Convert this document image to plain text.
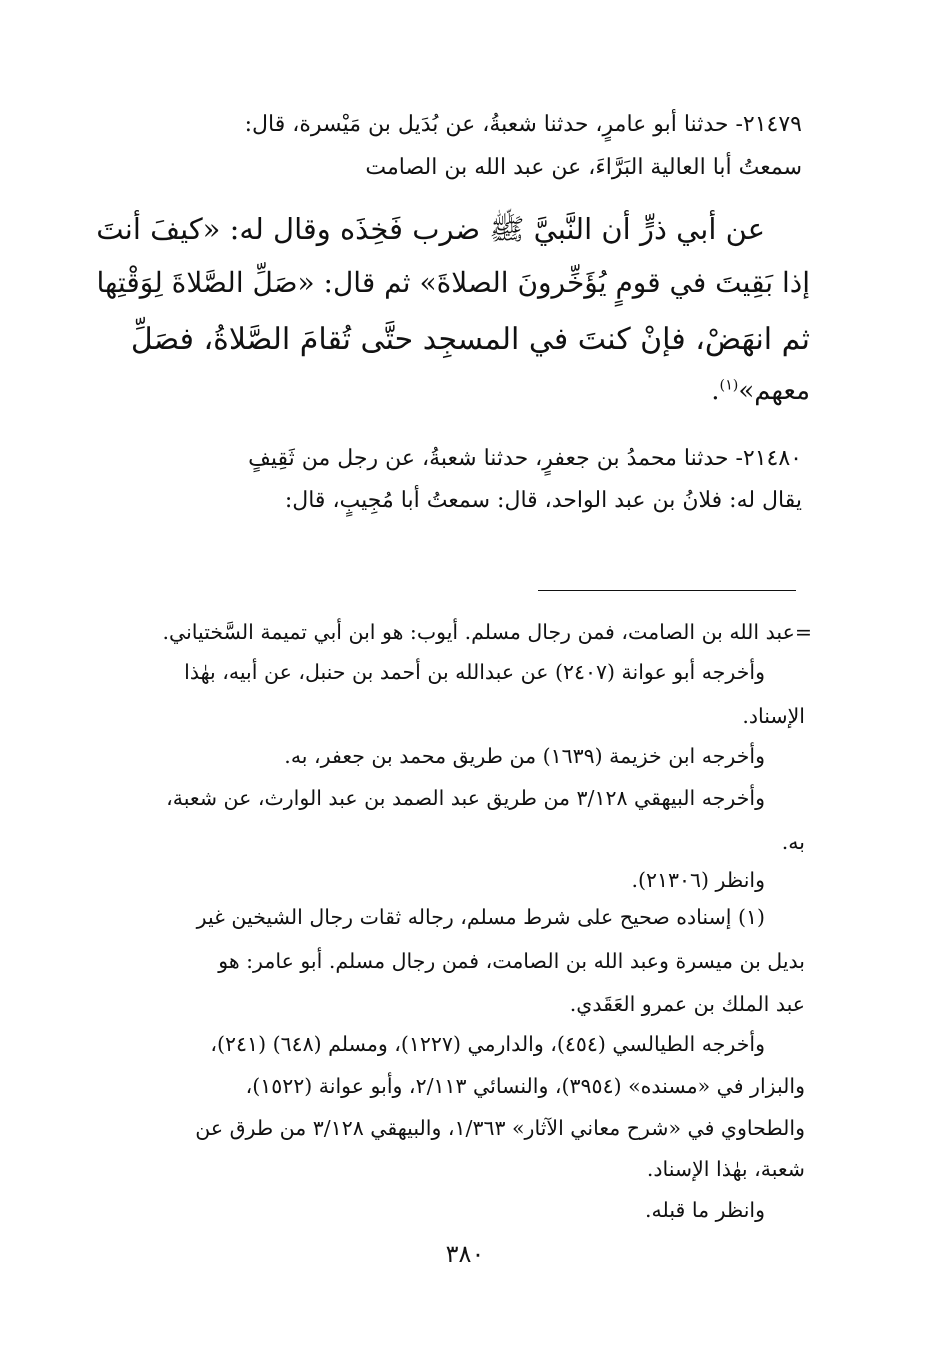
٢١٤٧٩- حدثنا أبو عامرٍ، حدثنا شعبةُ، عن بُدَيل بن مَيْسرة، قال:
سمعتُ أبا العالية البَرَّاءَ، عن عبد الله بن الصامت
عن أبي ذرٍّ أن النَّبيَّ ﷺ ضرب فَخِذَه وقال له: «كيفَ أنتَ
إذا بَقِيتَ في قومٍ يُؤَخِّرونَ الصلاةَ» ثم قال: «صَلِّ الصَّلاةَ لِوَقْتِها
ثم انهَضْ، فإنْ كنتَ في المسجِد حتَّى تُقامَ الصَّلاةُ، فصَلِّ
معهم»$^{(١)}$.
٢١٤٨٠- حدثنا محمدُ بن جعفرٍ، حدثنا شعبةُ، عن رجل من ثَقِيفٍ
يقال له: فلانُ بن عبد الواحد، قال: سمعتُ أبا مُجِيبٍ، قال:
=عبد الله بن الصامت، فمن رجال مسلم. أيوب: هو ابن أبي تميمة السَّختياني.
وأخرجه أبو عوانة (٢٤٠٧) عن عبدالله بن أحمد بن حنبل، عن أبيه، بهٰذا
الإسناد.
وأخرجه ابن خزيمة (١٦٣٩) من طريق محمد بن جعفر، به.
وأخرجه البيهقي ٣/١٢٨ من طريق عبد الصمد بن عبد الوارث، عن شعبة،
به.
وانظر (٢١٣٠٦).
(١) إسناده صحيح على شرط مسلم، رجاله ثقات رجال الشيخين غير
بديل بن ميسرة وعبد الله بن الصامت، فمن رجال مسلم. أبو عامر: هو
عبد الملك بن عمرو العَقَدي.
وأخرجه الطيالسي (٤٥٤)، والدارمي (١٢٢٧)، ومسلم (٦٤٨) (٢٤١)،
والبزار في «مسنده» (٣٩٥٤)، والنسائي ٢/١١٣، وأبو عوانة (١٥٢٢)،
والطحاوي في «شرح معاني الآثار» ١/٣٦٣، والبيهقي ٣/١٢٨ من طرق عن
شعبة، بهٰذا الإسناد.
وانظر ما قبله.
٣٨٠
